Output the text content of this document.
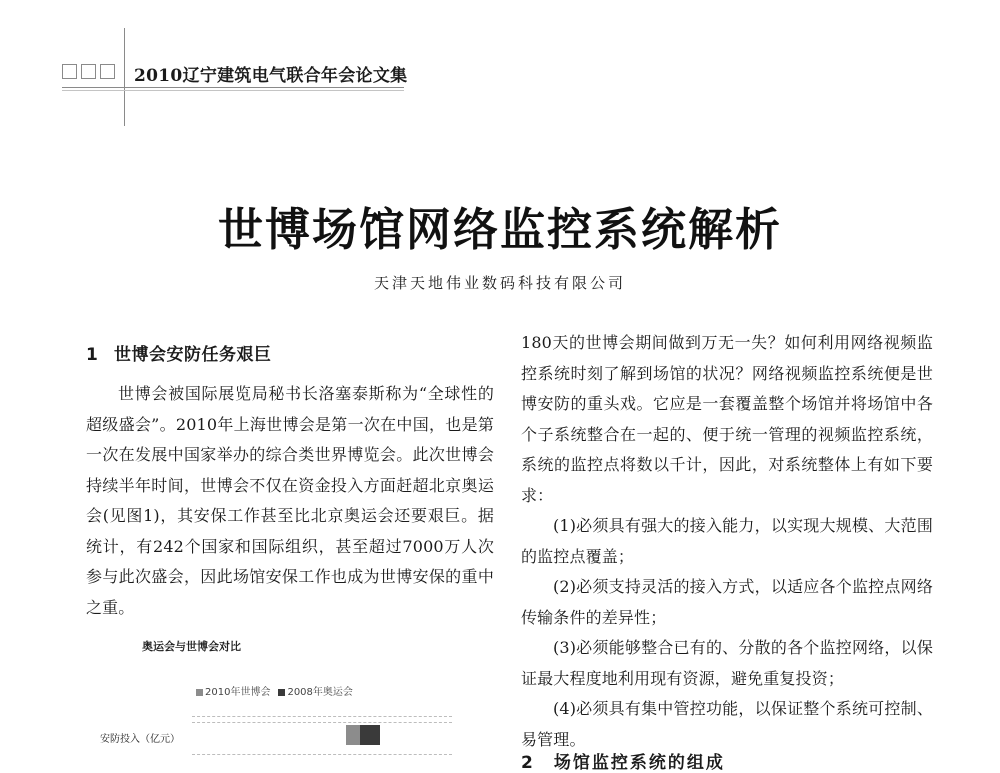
2010辽宁建筑电气联合年会论文集
世博场馆网络监控系统解析
天津天地伟业数码科技有限公司
1 世博会安防任务艰巨

世博会被国际展览局秘书长洛塞泰斯称为“全球性的超级盛会”。2010年上海世博会是第一次在中国，也是第一次在发展中国家举办的综合类世界博览会。此次世博会持续半年时间，世博会不仅在资金投入方面赶超北京奥运会(见图1)，其安保工作甚至比北京奥运会还要艰巨。据统计，有242个国家和国际组织，甚至超过7000万人次参与此次盛会，因此场馆安保工作也成为世博安保的重中之重。

奥运会与世博会对比
2010年世博会	2008年奥运会
安防投入（亿元）

180天的世博会期间做到万无一失？如何利用网络视频监控系统时刻了解到场馆的状况？网络视频监控系统便是世博安防的重头戏。它应是一套覆盖整个场馆并将场馆中各个子系统整合在一起的、便于统一管理的视频监控系统，系统的监控点将数以千计，因此，对系统整体上有如下要求：

(1)必须具有强大的接入能力，以实现大规模、大范围的监控点覆盖；

(2)必须支持灵活的接入方式，以适应各个监控点网络传输条件的差异性；

(3)必须能够整合已有的、分散的各个监控网络，以保证最大程度地利用现有资源，避免重复投资；

(4)必须具有集中管控功能，以保证整个系统可控制、易管理。

2　场馆监控系统的组成
